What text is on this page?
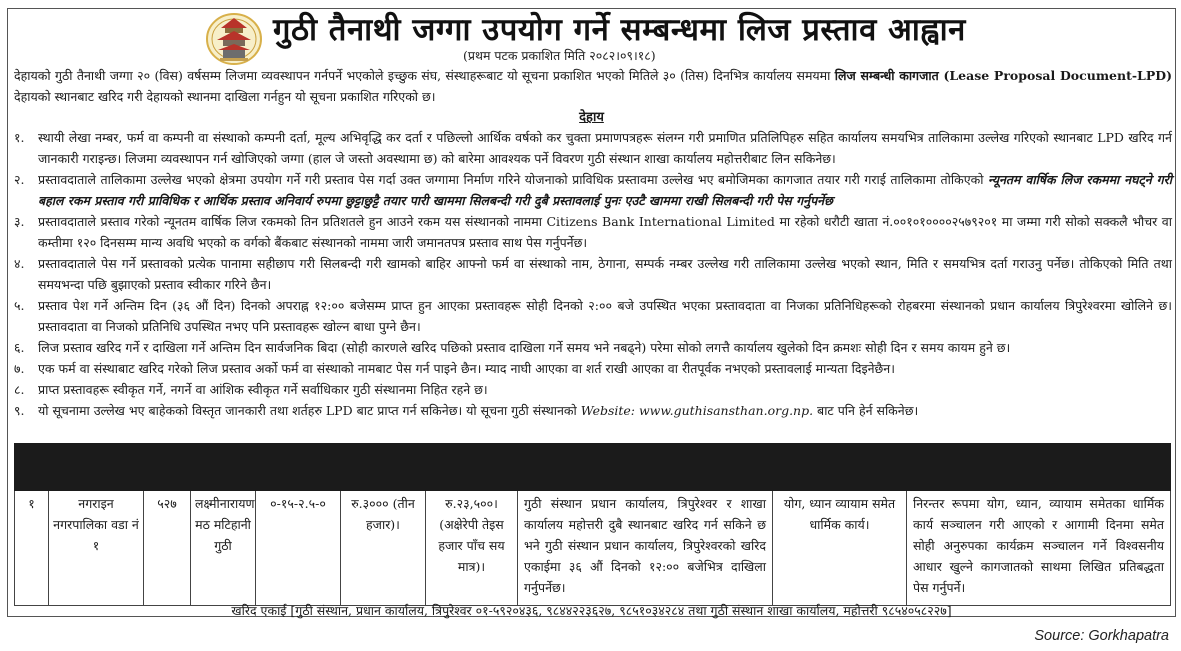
गुठी तैनाथी जग्गा उपयोग गर्ने सम्बन्धमा लिज प्रस्ताव आह्वान
(प्रथम पटक प्रकाशित मिति २०८२।०९।१८)
देहायको गुठी तैनाथी जग्गा २० (विस) वर्षसम्म लिजमा व्यवस्थापन गर्नपर्ने भएकोले इच्छुक संघ, संस्थाहरूबाट यो सूचना प्रकाशित भएको मितिले ३० (तिस) दिनभित्र कार्यालय समयमा लिज सम्बन्धी कागजात (Lease Proposal Document-LPD) देहायको स्थानबाट खरिद गरी देहायको स्थानमा दाखिला गर्नहुन यो सूचना प्रकाशित गरिएको छ।
देहाय
१. स्थायी लेखा नम्बर, फर्म वा कम्पनी वा संस्थाको कम्पनी दर्ता, मूल्य अभिवृद्धि कर दर्ता र पछिल्लो आर्थिक वर्षको कर चुक्ता प्रमाणपत्रहरू संलग्न गरी प्रमाणित प्रतिलिपिहरु सहित कार्यालय समयभित्र तालिकामा उल्लेख गरिएको स्थानबाट LPD खरिद गर्न जानकारी गराइन्छ। लिजमा व्यवस्थापन गर्न खोजिएको जग्गा (हाल जे जस्तो अवस्थामा छ) को बारेमा आवश्यक पर्ने विवरण गुठी संस्थान शाखा कार्यालय महोत्तरीबाट लिन सकिनेछ।
२. प्रस्तावदाताले तालिकामा उल्लेख भएको क्षेत्रमा उपयोग गर्ने गरी प्रस्ताव पेस गर्दा उक्त जग्गामा निर्माण गरिने योजनाको प्राविधिक प्रस्तावमा उल्लेख भए बमोजिमका कागजात तयार गरी गराई तालिकामा तोकिएको न्यूनतम वार्षिक लिज रकममा नघट्ने गरी बहाल रकम प्रस्ताव गरी प्राविधिक र आर्थिक प्रस्ताव अनिवार्य रुपमा छुट्टाछुट्टै तयार पारी खाममा सिलबन्दी गरी दुबै प्रस्तावलाई पुनः एउटै खाममा राखी सिलबन्दी गरी पेस गर्नुपर्नेछ
३. प्रस्तावदाताले प्रस्ताव गरेको न्यूनतम वार्षिक लिज रकमको तिन प्रतिशतले हुन आउने रकम यस संस्थानको नाममा Citizens Bank International Limited मा रहेको धरौटी खाता नं.००१०१००००२५७९२०१ मा जम्मा गरी सोको सक्कलै भौचर वा कम्तीमा १२० दिनसम्म मान्य अवधि भएको क वर्गको बैंकबाट संस्थानको नाममा जारी जमानतपत्र प्रस्ताव साथ पेस गर्नुपर्नेछ।
४. प्रस्तावदाताले पेस गर्ने प्रस्तावको प्रत्येक पानामा सहीछाप गरी सिलबन्दी गरी खामको बाहिर आफ्नो फर्म वा संस्थाको नाम, ठेगाना, सम्पर्क नम्बर उल्लेख गरी तालिकामा उल्लेख भएको स्थान, मिति र समयभित्र दर्ता गराउनु पर्नेछ। तोकिएको मिति तथा समयभन्दा पछि बुझाएको प्रस्ताव स्वीकार गरिने छैन।
५. प्रस्ताव पेश गर्ने अन्तिम दिन (३६ औं दिन) दिनको अपराह्न १२:०० बजेसम्म प्राप्त हुन आएका प्रस्तावहरू सोही दिनको २:०० बजे उपस्थित भएका प्रस्तावदाता वा निजका प्रतिनिधिहरूको रोहबरमा संस्थानको प्रधान कार्यालय त्रिपुरेश्वरमा खोलिने छ। प्रस्तावदाता वा निजको प्रतिनिधि उपस्थित नभए पनि प्रस्तावहरू खोल्न बाधा पुग्ने छैन।
६. लिज प्रस्ताव खरिद गर्ने र दाखिला गर्ने अन्तिम दिन सार्वजनिक बिदा (सोही कारणले खरिद पछिको प्रस्ताव दाखिला गर्ने समय भने नबढ्ने) परेमा सोको लगत्तै कार्यालय खुलेको दिन क्रमशः सोही दिन र समय कायम हुने छ।
७. एक फर्म वा संस्थाबाट खरिद गरेको लिज प्रस्ताव अर्को फर्म वा संस्थाको नामबाट पेस गर्न पाइने छैन। म्याद नाघी आएका वा शर्त राखी आएका वा रीतपूर्वक नभएको प्रस्तावलाई मान्यता दिइनेछैन।
८. प्राप्त प्रस्तावहरू स्वीकृत गर्ने, नगर्ने वा आंशिक स्वीकृत गर्ने सर्वाधिकार गुठी संस्थानमा निहित रहने छ।
९. यो सूचनामा उल्लेख भए बाहेकको विस्तृत जानकारी तथा शर्तहरु LPD बाट प्राप्त गर्न सकिनेछ। यो सूचना गुठी संस्थानको Website: www.guthisansthan.org.np. बाट पनि हेर्न सकिनेछ।

१	नगराइन नगरपालिका वडा नं १	५२७	लक्ष्मीनारायण मठ मटिहानी गुठी	०-१५-२.५-०	रु.३००० (तीन हजार)।	रु.२३,५००। (अक्षेरेपी तेइस हजार पाँच सय मात्र)।	गुठी संस्थान प्रधान कार्यालय, त्रिपुरेश्वर र शाखा कार्यालय महोत्तरी दुबै स्थानबाट खरिद गर्न सकिने छ भने गुठी संस्थान प्रधान कार्यालय, त्रिपुरेश्वरको खरिद एकाईमा ३६ औं दिनको १२:०० बजेभित्र दाखिला गर्नुपर्नेछ।	योग, ध्यान व्यायाम समेत धार्मिक कार्य।	निरन्तर रूपमा योग, ध्यान, व्यायाम समेतका धार्मिक कार्य सञ्चालन गरी आएको र आगामी दिनमा समेत सोही अनुरुपका कार्यक्रम सञ्चालन गर्ने विश्वसनीय आधार खुल्ने कागजातको साथमा लिखित प्रतिबद्धता पेस गर्नुपर्ने।
खरिद एकाई [गुठी संस्थान, प्रधान कार्यालय, त्रिपुरेश्वर ०१-५९२०४३६, ९८४४२२३६२७, ९८५१०३४२८४ तथा गुठी संस्थान शाखा कार्यालय, महोत्तरी ९८५४०५८२२७]
Source: Gorkhapatra
